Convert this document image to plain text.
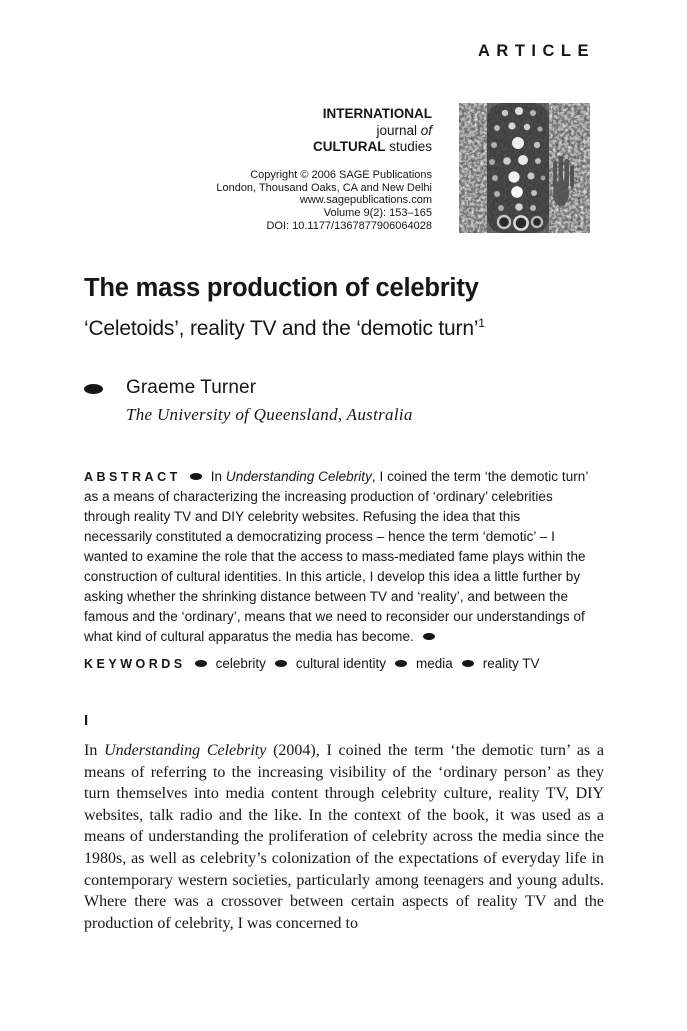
ARTICLE
INTERNATIONAL
journal of
CULTURAL studies
Copyright © 2006 SAGE Publications
London, Thousand Oaks, CA and New Delhi
www.sagepublications.com
Volume 9(2): 153–165
DOI: 10.1177/1367877906064028
The mass production of celebrity
‘Celetoids’, reality TV and the ‘demotic turn’$^1$
Graeme Turner
The University of Queensland, Australia
ABSTRACT In Understanding Celebrity, I coined the term ‘the demotic turn’ as a means of characterizing the increasing production of ‘ordinary’ celebrities through reality TV and DIY celebrity websites. Refusing the idea that this necessarily constituted a democratizing process – hence the term ‘demotic’ – I wanted to examine the role that the access to mass-mediated fame plays within the construction of cultural identities. In this article, I develop this idea a little further by asking whether the shrinking distance between TV and ‘reality’, and between the famous and the ‘ordinary’, means that we need to reconsider our understandings of what kind of cultural apparatus the media has become.
KEYWORDS celebrity cultural identity media reality TV
I
In Understanding Celebrity (2004), I coined the term ‘the demotic turn’ as a means of referring to the increasing visibility of the ‘ordinary person’ as they turn themselves into media content through celebrity culture, reality TV, DIY websites, talk radio and the like. In the context of the book, it was used as a means of understanding the proliferation of celebrity across the media since the 1980s, as well as celebrity’s colonization of the expectations of everyday life in contemporary western societies, particularly among teenagers and young adults. Where there was a crossover between certain aspects of reality TV and the production of celebrity, I was concerned to
